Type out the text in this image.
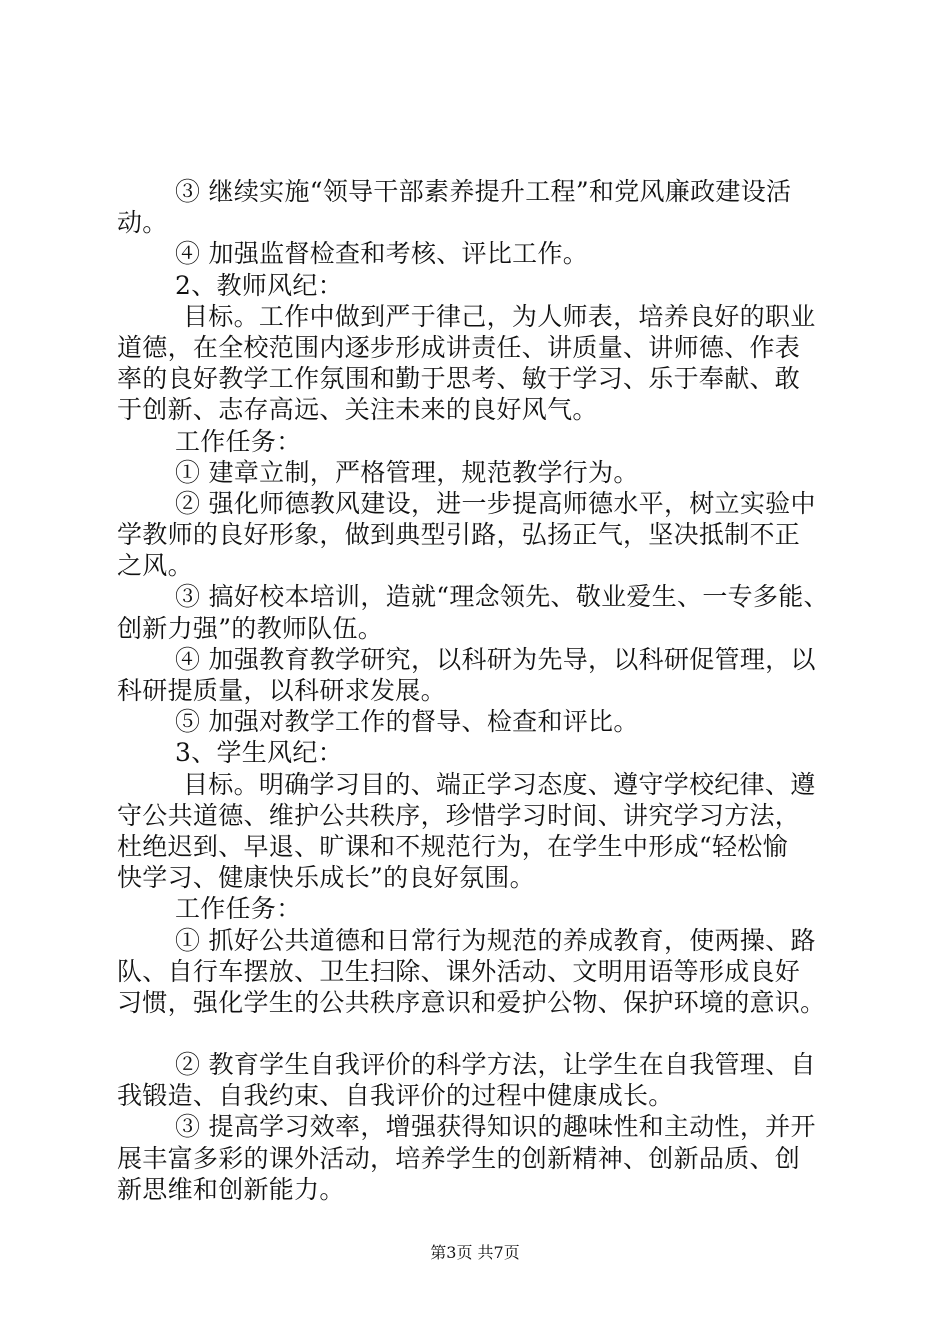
③ 继续实施“领导干部素养提升工程”和党风廉政建设活
动。
④ 加强监督检查和考核、评比工作。
2、教师风纪：
目标。工作中做到严于律己，为人师表，培养良好的职业
道德，在全校范围内逐步形成讲责任、讲质量、讲师德、作表
率的良好教学工作氛围和勤于思考、敏于学习、乐于奉献、敢
于创新、志存高远、关注未来的良好风气。
工作任务：
① 建章立制，严格管理，规范教学行为。
② 强化师德教风建设，进一步提高师德水平，树立实验中
学教师的良好形象，做到典型引路，弘扬正气，坚决抵制不正
之风。
③ 搞好校本培训，造就“理念领先、敬业爱生、一专多能、
创新力强”的教师队伍。
④ 加强教育教学研究，以科研为先导，以科研促管理，以
科研提质量，以科研求发展。
⑤ 加强对教学工作的督导、检查和评比。
3、学生风纪：
目标。明确学习目的、端正学习态度、遵守学校纪律、遵
守公共道德、维护公共秩序，珍惜学习时间、讲究学习方法，
杜绝迟到、早退、旷课和不规范行为，在学生中形成“轻松愉
快学习、健康快乐成长”的良好氛围。
工作任务：
① 抓好公共道德和日常行为规范的养成教育，使两操、路
队、自行车摆放、卫生扫除、课外活动、文明用语等形成良好
习惯，强化学生的公共秩序意识和爱护公物、保护环境的意识。
② 教育学生自我评价的科学方法，让学生在自我管理、自
我锻造、自我约束、自我评价的过程中健康成长。
③ 提高学习效率，增强获得知识的趣味性和主动性，并开
展丰富多彩的课外活动，培养学生的创新精神、创新品质、创
新思维和创新能力。
第3页 共7页
